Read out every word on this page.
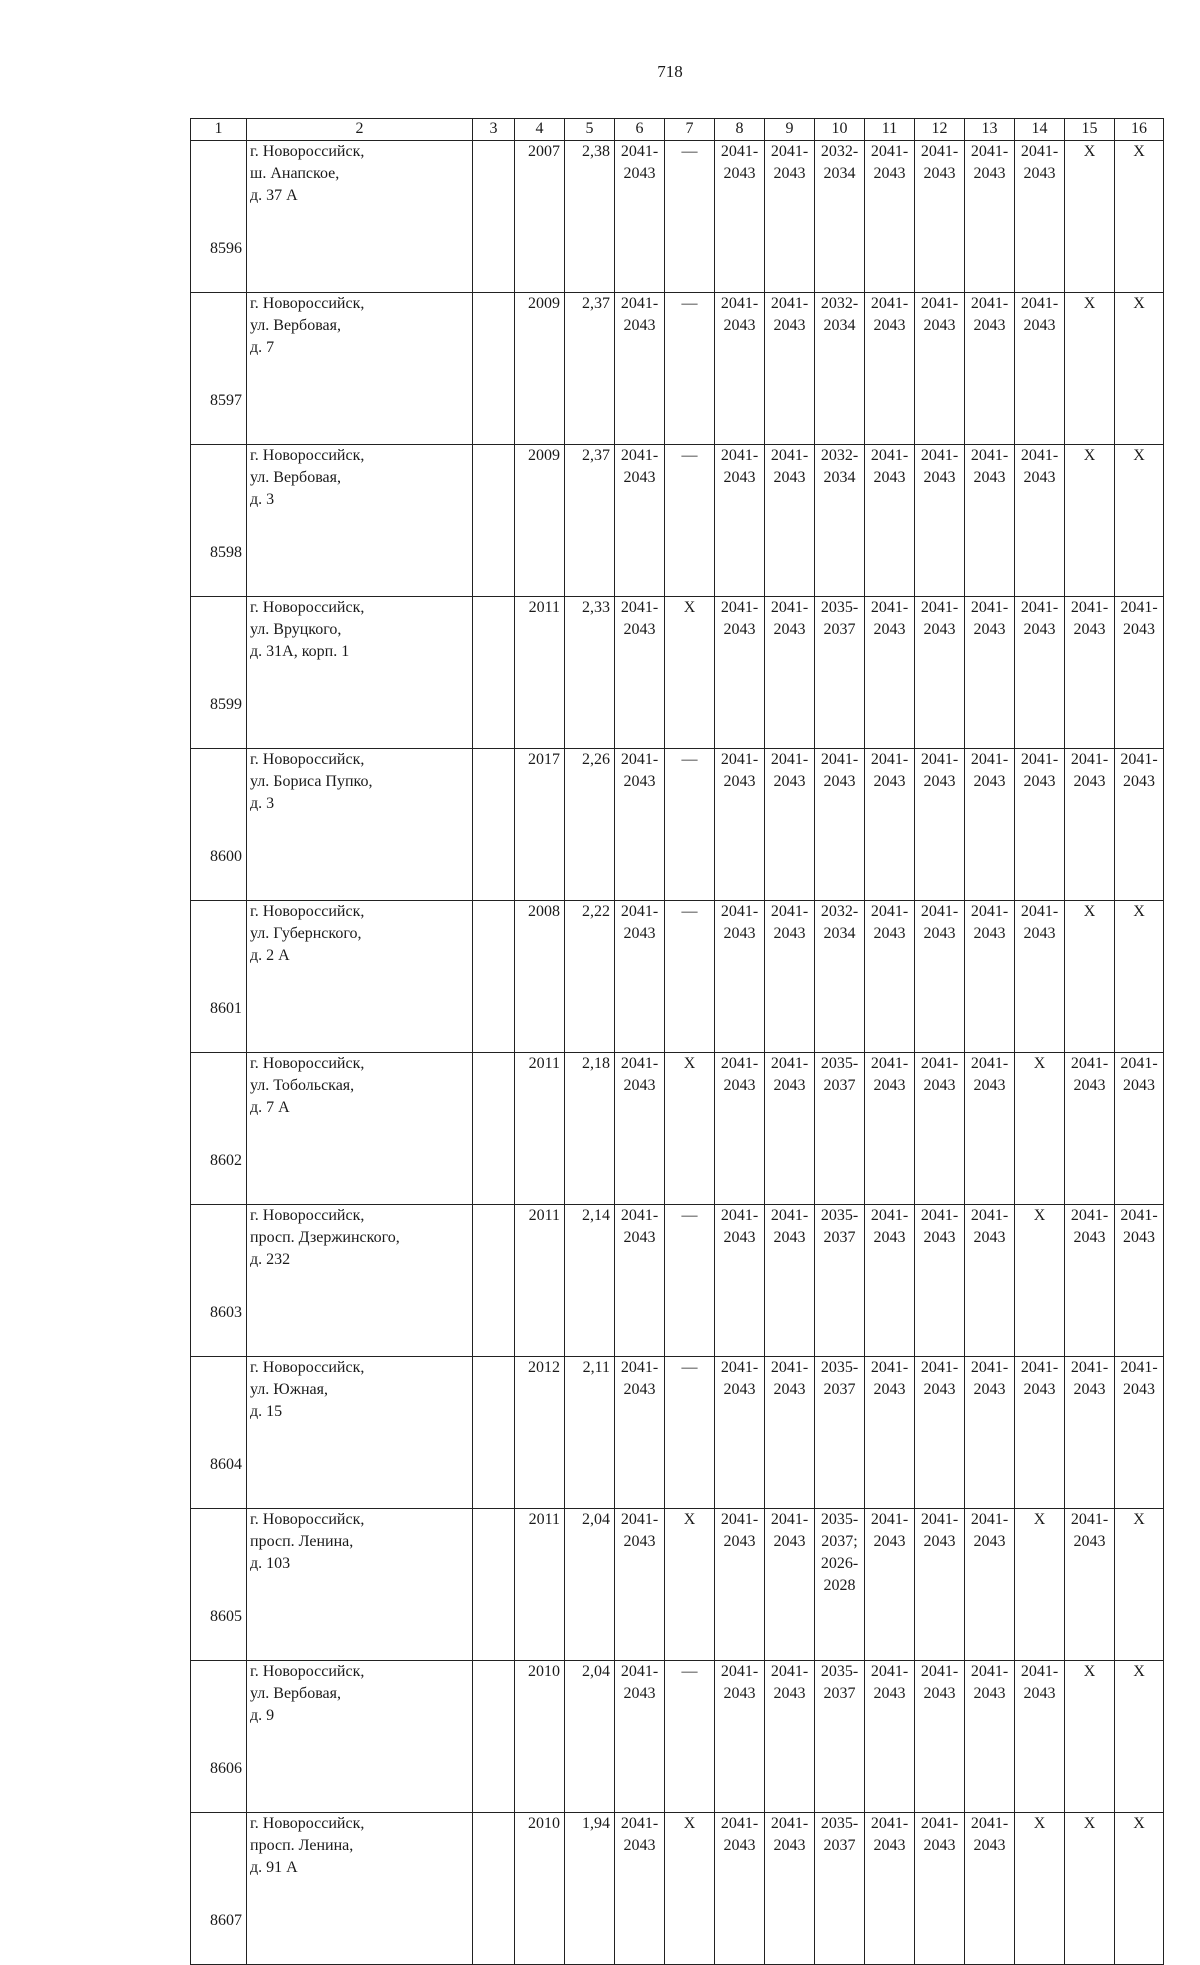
718
1	2	3	4	5	6	7	8	9	10	11	12	13	14	15	16
8596	г. Новороссийск,
ш. Анапское,
д. 37 А		2007	2,38	2041-2043	—	2041-2043	2041-2043	2032-2034	2041-2043	2041-2043	2041-2043	2041-2043	Х	Х
8597	г. Новороссийск,
ул. Вербовая,
д. 7		2009	2,37	2041-2043	—	2041-2043	2041-2043	2032-2034	2041-2043	2041-2043	2041-2043	2041-2043	Х	Х
8598	г. Новороссийск,
ул. Вербовая,
д. 3		2009	2,37	2041-2043	—	2041-2043	2041-2043	2032-2034	2041-2043	2041-2043	2041-2043	2041-2043	Х	Х
8599	г. Новороссийск,
ул. Вруцкого,
д. 31А, корп. 1		2011	2,33	2041-2043	Х	2041-2043	2041-2043	2035-2037	2041-2043	2041-2043	2041-2043	2041-2043	2041-2043	2041-2043
8600	г. Новороссийск,
ул. Бориса Пупко,
д. 3		2017	2,26	2041-2043	—	2041-2043	2041-2043	2041-2043	2041-2043	2041-2043	2041-2043	2041-2043	2041-2043	2041-2043
8601	г. Новороссийск,
ул. Губернского,
д. 2 А		2008	2,22	2041-2043	—	2041-2043	2041-2043	2032-2034	2041-2043	2041-2043	2041-2043	2041-2043	Х	Х
8602	г. Новороссийск,
ул. Тобольская,
д. 7 А		2011	2,18	2041-2043	Х	2041-2043	2041-2043	2035-2037	2041-2043	2041-2043	2041-2043	Х	2041-2043	2041-2043
8603	г. Новороссийск,
просп. Дзержинского,
д. 232		2011	2,14	2041-2043	—	2041-2043	2041-2043	2035-2037	2041-2043	2041-2043	2041-2043	Х	2041-2043	2041-2043
8604	г. Новороссийск,
ул. Южная,
д. 15		2012	2,11	2041-2043	—	2041-2043	2041-2043	2035-2037	2041-2043	2041-2043	2041-2043	2041-2043	2041-2043	2041-2043
8605	г. Новороссийск,
просп. Ленина,
д. 103		2011	2,04	2041-2043	Х	2041-2043	2041-2043	2035-2037; 2026-2028	2041-2043	2041-2043	2041-2043	Х	2041-2043	Х
8606	г. Новороссийск,
ул. Вербовая,
д. 9		2010	2,04	2041-2043	—	2041-2043	2041-2043	2035-2037	2041-2043	2041-2043	2041-2043	2041-2043	Х	Х
8607	г. Новороссийск,
просп. Ленина,
д. 91 А		2010	1,94	2041-2043	Х	2041-2043	2041-2043	2035-2037	2041-2043	2041-2043	2041-2043	Х	Х	Х
